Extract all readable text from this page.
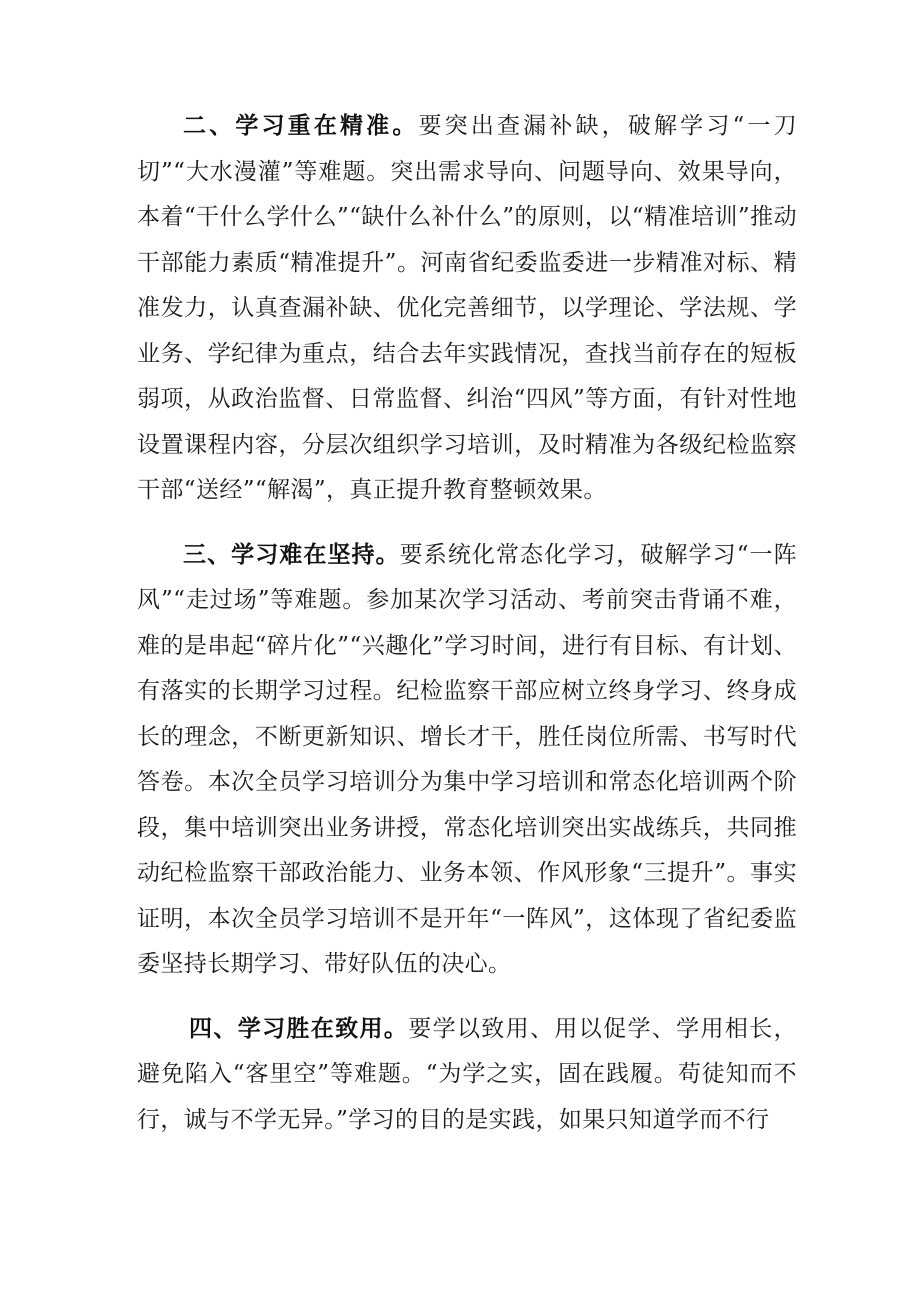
二、学习重在精准。要突出查漏补缺，破解学习“一刀切”“大水漫灌”等难题。突出需求导向、问题导向、效果导向，本着“干什么学什么”“缺什么补什么”的原则，以“精准培训”推动干部能力素质“精准提升”。河南省纪委监委进一步精准对标、精准发力，认真查漏补缺、优化完善细节，以学理论、学法规、学业务、学纪律为重点，结合去年实践情况，查找当前存在的短板弱项，从政治监督、日常监督、纠治“四风”等方面，有针对性地设置课程内容，分层次组织学习培训，及时精准为各级纪检监察干部“送经”“解渴”，真正提升教育整顿效果。

三、学习难在坚持。要系统化常态化学习，破解学习“一阵风”“走过场”等难题。参加某次学习活动、考前突击背诵不难，难的是串起“碎片化”“兴趣化”学习时间，进行有目标、有计划、有落实的长期学习过程。纪检监察干部应树立终身学习、终身成长的理念，不断更新知识、增长才干，胜任岗位所需、书写时代答卷。本次全员学习培训分为集中学习培训和常态化培训两个阶段，集中培训突出业务讲授，常态化培训突出实战练兵，共同推动纪检监察干部政治能力、业务本领、作风形象“三提升”。事实证明，本次全员学习培训不是开年“一阵风”，这体现了省纪委监委坚持长期学习、带好队伍的决心。

四、学习胜在致用。要学以致用、用以促学、学用相长，避免陷入“客里空”等难题。“为学之实，固在践履。苟徒知而不行，诚与不学无异。”学习的目的是实践，如果只知道学而不行
